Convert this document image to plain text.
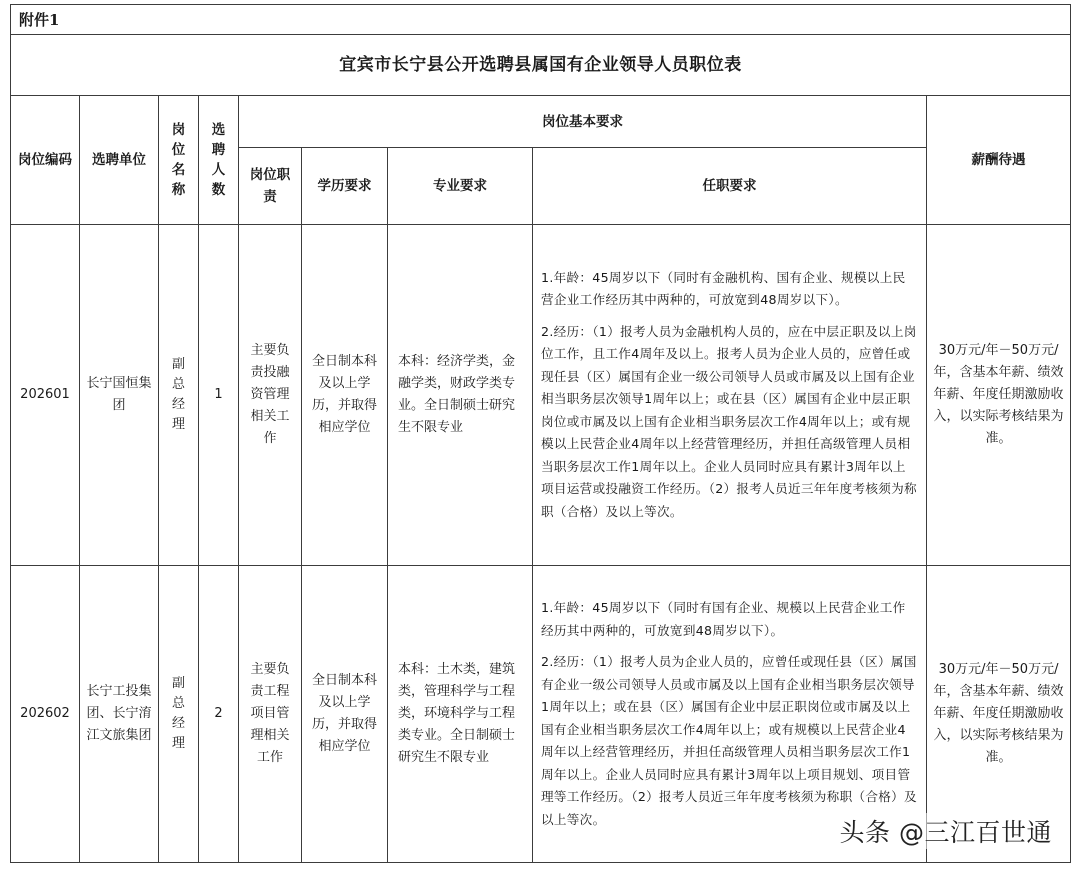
附件1								
宜宾市长宁县公开选聘县属国有企业领导人员职位表								
岗位编码	选聘单位	岗位名称	选聘人数	岗位基本要求				薪酬待遇
				岗位职责	学历要求	专业要求	任职要求	
202601	长宁国恒集团	副总经理	1	主要负责投融资管理相关工作	全日制本科及以上学历，并取得相应学位	本科：经济学类，金融学类，财政学类专业。全日制硕士研究生不限专业	1.年龄：45周岁以下（同时有金融机构、国有企业、规模以上民营企业工作经历其中两种的，可放宽到48周岁以下）。

2.经历：（1）报考人员为金融机构人员的，应在中层正职及以上岗位工作，且工作4周年及以上。报考人员为企业人员的，应曾任或现任县（区）属国有企业一级公司领导人员或市属及以上国有企业相当职务层次领导1周年以上；或在县（区）属国有企业中层正职岗位或市属及以上国有企业相当职务层次工作4周年以上；或有规模以上民营企业4周年以上经营管理经历，并担任高级管理人员相当职务层次工作1周年以上。企业人员同时应具有累计3周年以上项目运营或投融资工作经历。（2）报考人员近三年年度考核须为称职（合格）及以上等次。	30万元/年－50万元/年，含基本年薪、绩效年薪、年度任期激励收入，以实际考核结果为准。
202602	长宁工投集团、长宁淯江文旅集团	副总经理	2	主要负责工程项目管理相关工作	全日制本科及以上学历，并取得相应学位	本科：土木类，建筑类，管理科学与工程类，环境科学与工程类专业。全日制硕士研究生不限专业	1.年龄：45周岁以下（同时有国有企业、规模以上民营企业工作经历其中两种的，可放宽到48周岁以下）。

2.经历：（1）报考人员为企业人员的，应曾任或现任县（区）属国有企业一级公司领导人员或市属及以上国有企业相当职务层次领导1周年以上；或在县（区）属国有企业中层正职岗位或市属及以上国有企业相当职务层次工作4周年以上；或有规模以上民营企业4周年以上经营管理经历，并担任高级管理人员相当职务层次工作1周年以上。企业人员同时应具有累计3周年以上项目规划、项目管理等工作经历。（2）报考人员近三年年度考核须为称职（合格）及以上等次。	30万元/年－50万元/年，含基本年薪、绩效年薪、年度任期激励收入，以实际考核结果为准。
头条 @三江百世通
